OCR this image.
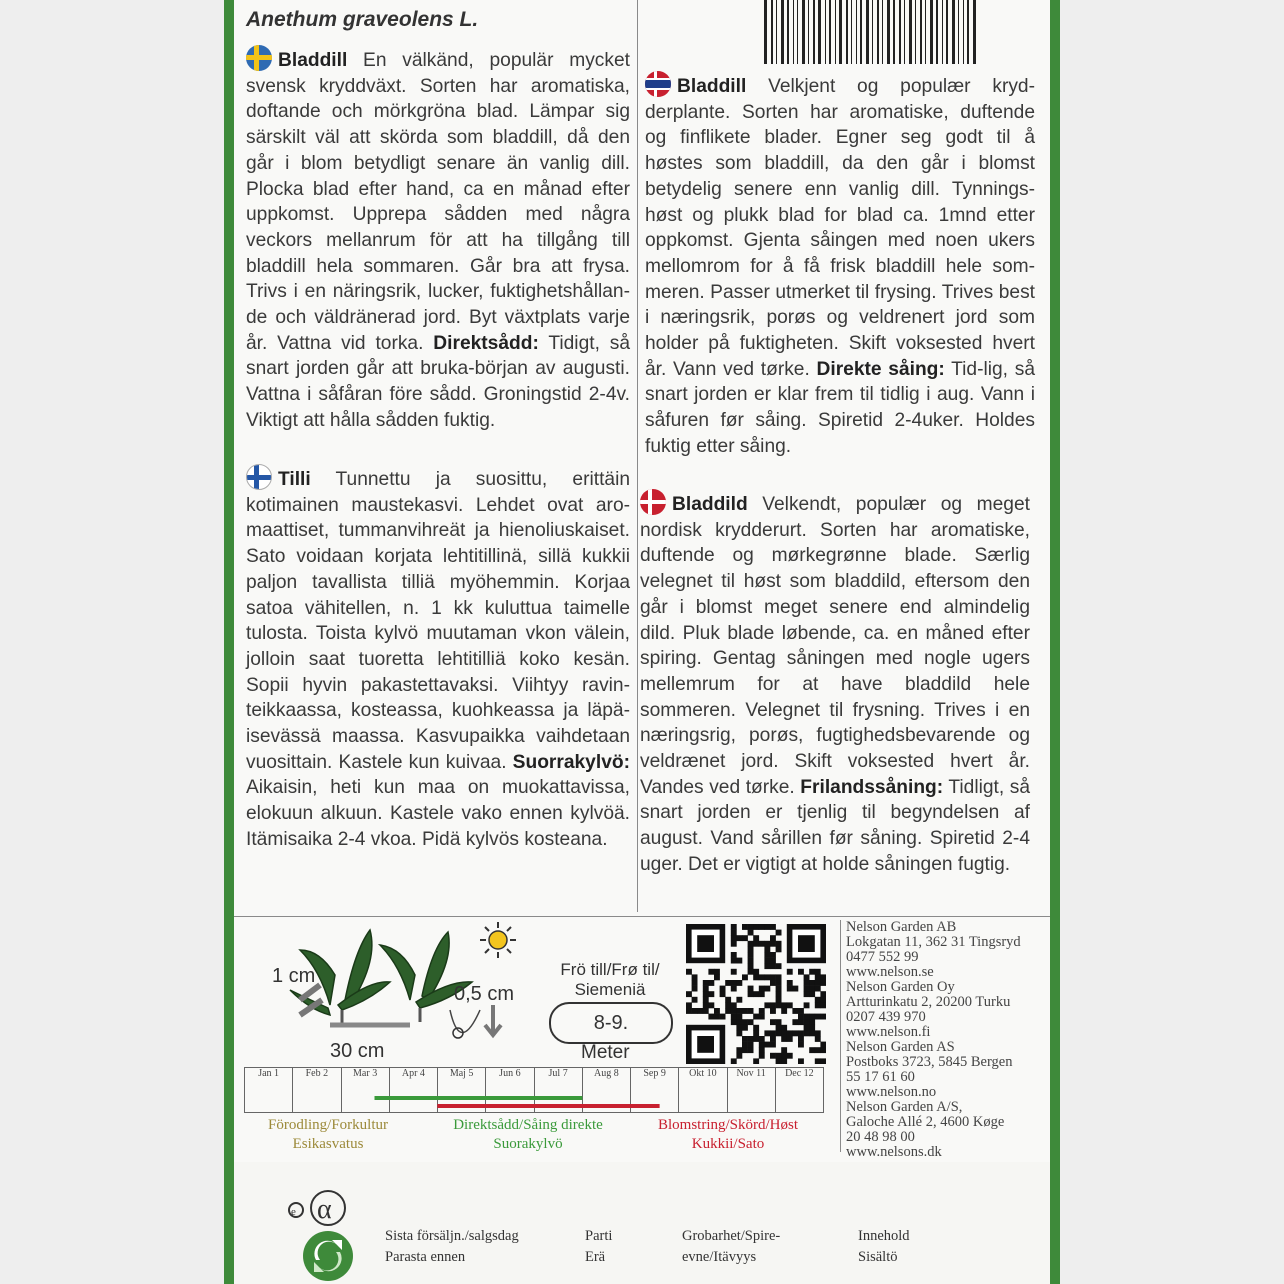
Anethum graveolens L.

Bladdill En välkänd, populär mycket svensk kryddväxt. Sorten har aromatiska, doftande och mörkgröna blad. Lämpar sig särskilt väl att skörda som bladdill, då den går i blom betydligt senare än vanlig dill. Plocka blad efter hand, ca en månad efter uppkomst. Upprepa sådden med några veckors mellanrum för att ha tillgång till bladdill hela sommaren. Går bra att frysa. Trivs i en näringsrik, lucker, fuktighetshållan-de och väldränerad jord. Byt växtplats varje år. Vattna vid torka. Direktsådd: Tidigt, så snart jorden går att bruka-början av augusti. Vattna i såfåran före sådd. Groningstid 2-4v. Viktigt att hålla sådden fuktig.

Tilli Tunnettu ja suosittu, erittäin kotimainen maustekasvi. Lehdet ovat aro-maattiset, tummanvihreät ja hienoliuskaiset. Sato voidaan korjata lehtitillinä, sillä kukkii paljon tavallista tilliä myöhemmin. Korjaa satoa vähitellen, n. 1 kk kuluttua taimelle tulosta. Toista kylvö muutaman vkon välein, jolloin saat tuoretta lehtitilliä koko kesän. Sopii hyvin pakastettavaksi. Viihtyy ravin-teikkaassa, kosteassa, kuohkeassa ja läpä-isevässä maassa. Kasvupaikka vaihdetaan vuosittain. Kastele kun kuivaa. Suorrakylvö: Aikaisin, heti kun maa on muokattavissa, elokuun alkuun. Kastele vako ennen kylvöä. Itämisaika 2-4 vkoa. Pidä kylvös kosteana.

Bladdill Velkjent og populær kryd-derplante. Sorten har aromatiske, duftende og finflikete blader. Egner seg godt til å høstes som bladdill, da den går i blomst betydelig senere enn vanlig dill. Tynnings-høst og plukk blad for blad ca. 1mnd etter oppkomst. Gjenta såingen med noen ukers mellomrom for å få frisk bladdill hele som-meren. Passer utmerket til frysing. Trives best i næringsrik, porøs og veldrenert jord som holder på fuktigheten. Skift voksested hvert år. Vann ved tørke. Direkte såing: Tid-lig, så snart jorden er klar frem til tidlig i aug. Vann i såfuren før såing. Spiretid 2-4uker. Holdes fuktig etter såing.

Bladdild Velkendt, populær og meget nordisk krydderurt. Sorten har aromatiske, duftende og mørkegrønne blade. Særlig velegnet til høst som bladdild, eftersom den går i blomst meget senere end almindelig dild. Pluk blade løbende, ca. en måned efter spiring. Gentag såningen med nogle ugers mellemrum for at have bladdild hele sommeren. Velegnet til frysning. Trives i en næringsrig, porøs, fugtighedsbevarende og veldrænet jord. Skift voksested hvert år. Vandes ved tørke. Frilandssåning: Tidligt, så snart jorden er tjenlig til begyndelsen af august. Vand sårillen før såning. Spiretid 2-4 uger. Det er vigtigt at holde såningen fugtig.

1 cm
0,5 cm
30 cm
Frö till/Frø til/
Siemeniä
8-9.
Meter
Nelson Garden AB
Lokgatan 11, 362 31 Tingsryd
0477 552 99
www.nelson.se
Nelson Garden Oy
Artturinkatu 2, 20200 Turku
0207 439 970
www.nelson.fi
Nelson Garden AS
Postboks 3723, 5845 Bergen
55 17 61 60
www.nelson.no
Nelson Garden A/S,
Galoche Allé 2, 4600 Køge
20 48 98 00
www.nelsons.dk
Jan 1	Feb 2	Mar 3	Apr 4	Maj 5	Jun 6	Jul 7	Aug 8	Sep 9	Okt 10	Nov 11	Dec 12
Förodling/Forkultur
Esikasvatus
Direktsådd/Såing direkte
Suorakylvö
Blomstring/Skörd/Høst
Kukkii/Sato
e α
Sista försäljn./salgsdag
Parasta ennen
Parti
Erä
Grobarhet/Spire-
evne/Itävyys
Innehold
Sisältö
